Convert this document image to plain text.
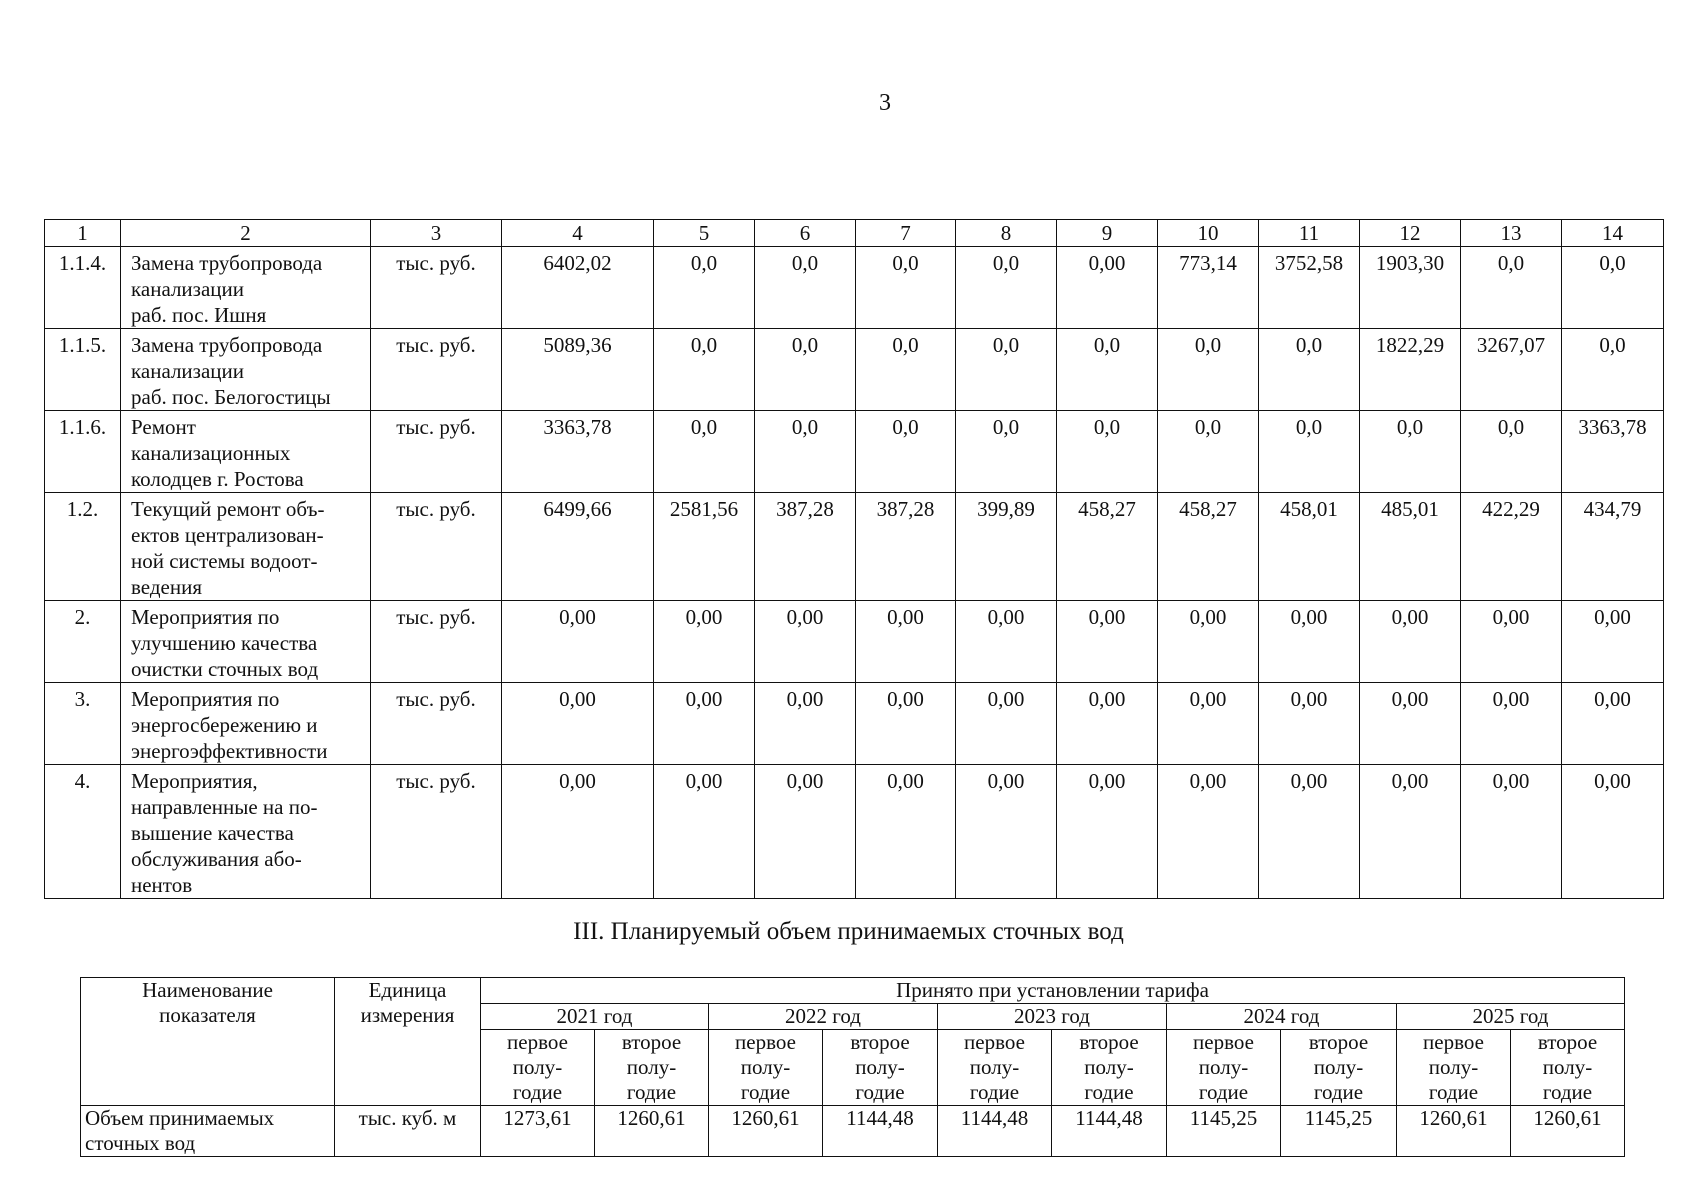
3
1	2	3	4	5	6	7	8	9	10	11	12	13	14
1.1.4.	Замена трубопровода
канализации
раб. пос. Ишня	тыс. руб.	6402,02	0,0	0,0	0,0	0,0	0,00	773,14	3752,58	1903,30	0,0	0,0
1.1.5.	Замена трубопровода
канализации
раб. пос. Белогостицы	тыс. руб.	5089,36	0,0	0,0	0,0	0,0	0,0	0,0	0,0	1822,29	3267,07	0,0
1.1.6.	Ремонт
канализационных
колодцев г. Ростова	тыс. руб.	3363,78	0,0	0,0	0,0	0,0	0,0	0,0	0,0	0,0	0,0	3363,78
1.2.	Текущий ремонт объ-
ектов централизован-
ной системы водоот-
ведения	тыс. руб.	6499,66	2581,56	387,28	387,28	399,89	458,27	458,27	458,01	485,01	422,29	434,79
2.	Мероприятия по
улучшению качества
очистки сточных вод	тыс. руб.	0,00	0,00	0,00	0,00	0,00	0,00	0,00	0,00	0,00	0,00	0,00
3.	Мероприятия по
энергосбережению и
энергоэффективности	тыс. руб.	0,00	0,00	0,00	0,00	0,00	0,00	0,00	0,00	0,00	0,00	0,00
4.	Мероприятия,
направленные на по-
вышение качества
обслуживания або-
нентов	тыс. руб.	0,00	0,00	0,00	0,00	0,00	0,00	0,00	0,00	0,00	0,00	0,00
III. Планируемый объем принимаемых сточных вод
Наименование
показателя	Единица
измерения	Принято при установлении тарифа									
		2021 год		2022 год		2023 год		2024 год		2025 год	
		первое
полу-
годие	второе
полу-
годие	первое
полу-
годие	второе
полу-
годие	первое
полу-
годие	второе
полу-
годие	первое
полу-
годие	второе
полу-
годие	первое
полу-
годие	второе
полу-
годие
Объем принимаемых
сточных вод	тыс. куб. м	1273,61	1260,61	1260,61	1144,48	1144,48	1144,48	1145,25	1145,25	1260,61	1260,61
